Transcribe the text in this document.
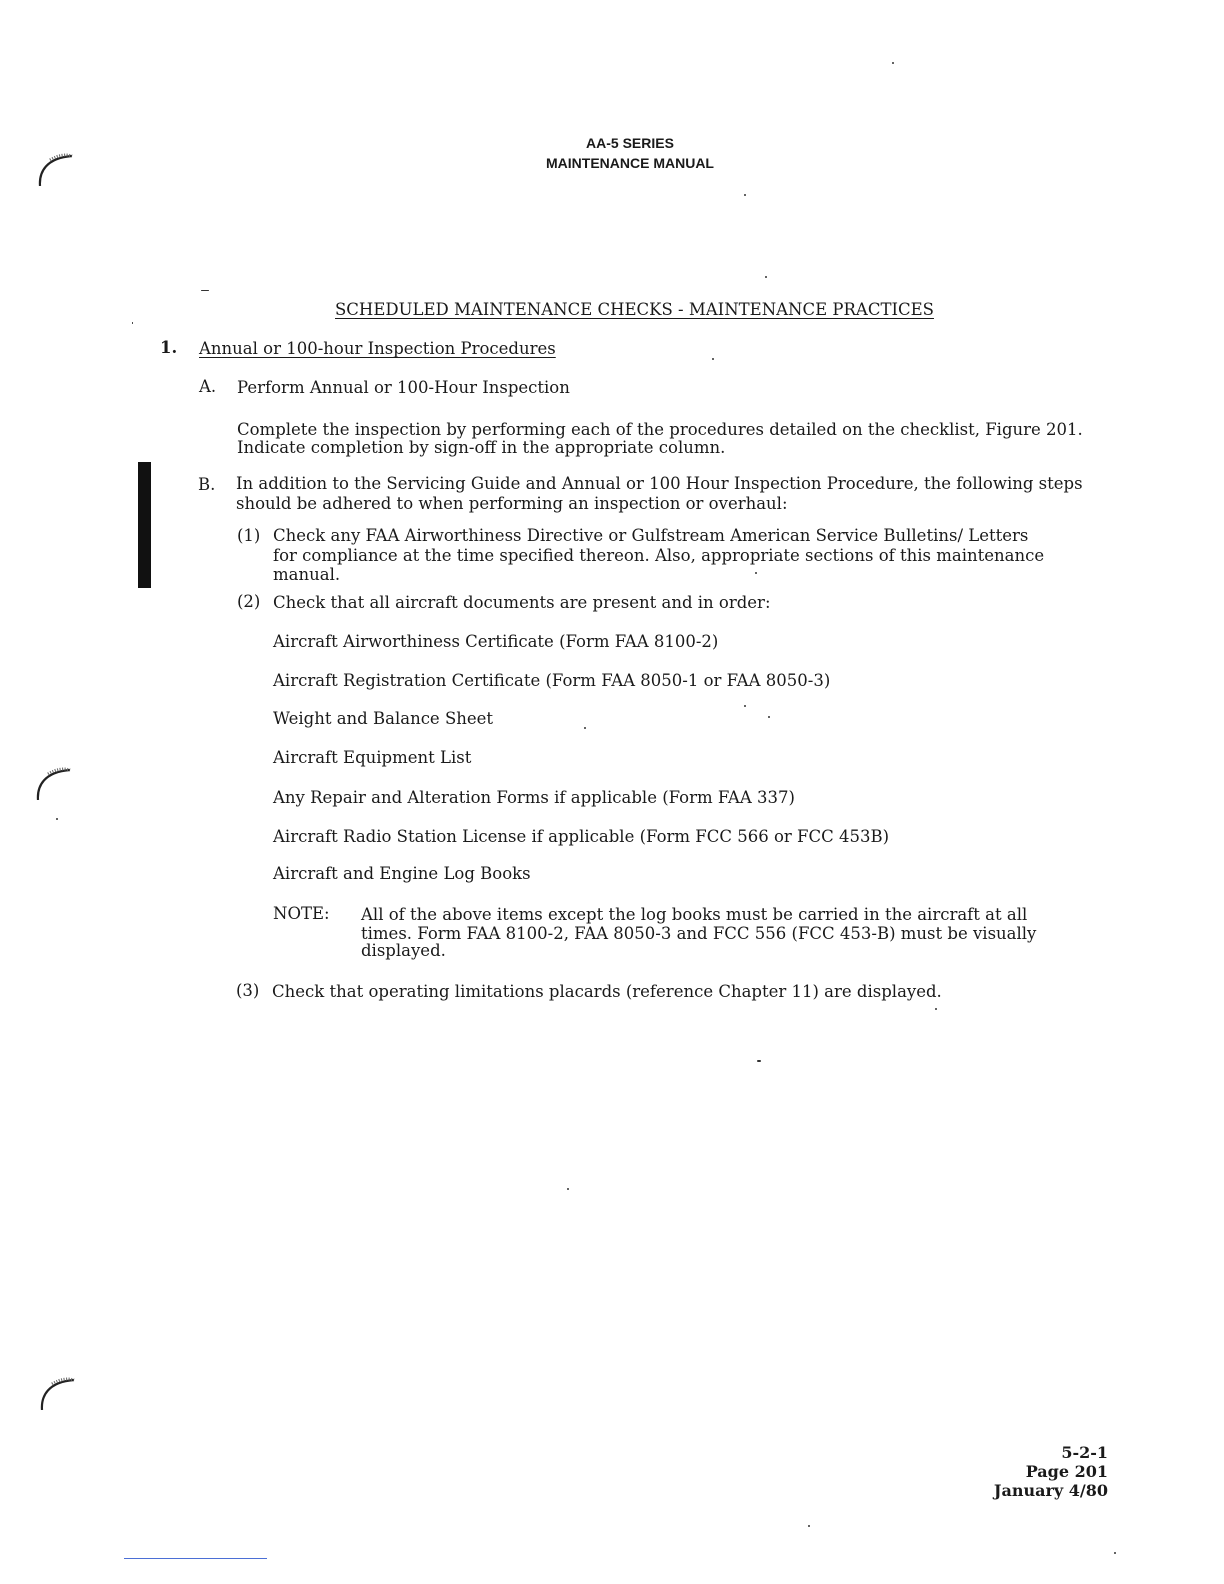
AA-5 SERIES
MAINTENANCE MANUAL
SCHEDULED MAINTENANCE CHECKS - MAINTENANCE PRACTICES
1. Annual or 100-hour Inspection Procedures
A. Perform Annual or 100-Hour Inspection
Complete the inspection by performing each of the procedures detailed on the checklist, Figure 201.
Indicate completion by sign-off in the appropriate column.
B. In addition to the Servicing Guide and Annual or 100 Hour Inspection Procedure, the following steps
should be adhered to when performing an inspection or overhaul:
(1) Check any FAA Airworthiness Directive or Gulfstream American Service Bulletins/ Letters
for compliance at the time specified thereon. Also, appropriate sections of this maintenance
manual.
(2) Check that all aircraft documents are present and in order:
Aircraft Airworthiness Certificate (Form FAA 8100-2)
Aircraft Registration Certificate (Form FAA 8050-1 or FAA 8050-3)
Weight and Balance Sheet
Aircraft Equipment List
Any Repair and Alteration Forms if applicable (Form FAA 337)
Aircraft Radio Station License if applicable (Form FCC 566 or FCC 453B)
Aircraft and Engine Log Books
NOTE: All of the above items except the log books must be carried in the aircraft at all
times. Form FAA 8100-2, FAA 8050-3 and FCC 556 (FCC 453-B) must be visually
displayed.
(3) Check that operating limitations placards (reference Chapter 11) are displayed.
5-2-1
Page 201
January 4/80
